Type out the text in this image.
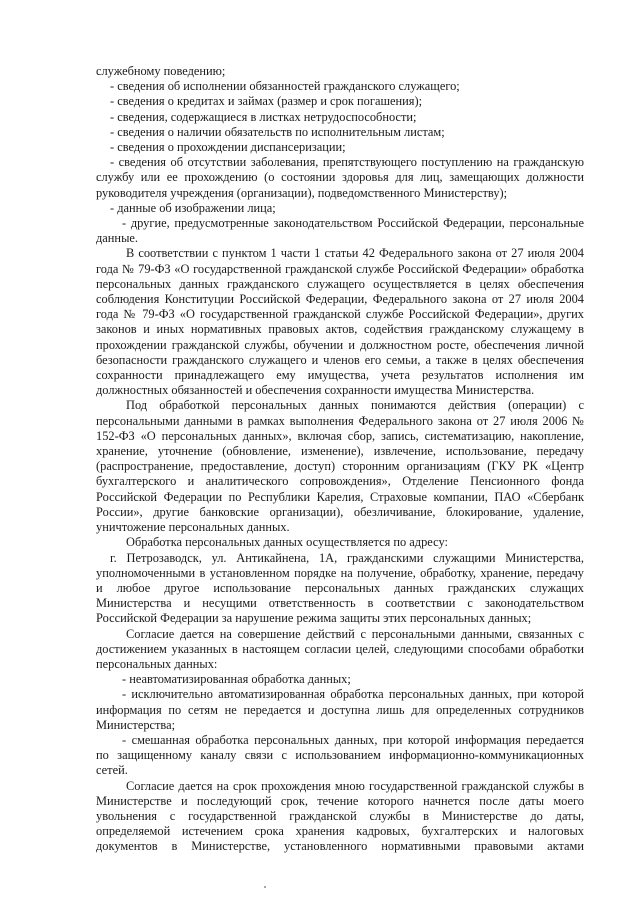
служебному поведению;
- сведения об исполнении обязанностей гражданского служащего;
- сведения о кредитах и займах (размер и срок погашения);
- сведения, содержащиеся в листках нетрудоспособности;
- сведения о наличии обязательств по исполнительным листам;
- сведения о прохождении диспансеризации;
- сведения об отсутствии заболевания, препятствующего поступлению на гражданскую
службу или ее прохождению (о состоянии здоровья для лиц, замещающих должности
руководителя учреждения (организации), подведомственного Министерству);
- данные об изображении лица;
- другие, предусмотренные законодательством Российской Федерации, персональные
данные.
В соответствии с пунктом 1 части 1 статьи 42 Федерального закона от 27 июля 2004
года № 79-ФЗ «О государственной гражданской службе Российской Федерации» обработка
персональных данных гражданского служащего осуществляется в целях обеспечения
соблюдения Конституции Российской Федерации, Федерального закона от 27 июля 2004
года № 79-ФЗ «О государственной гражданской службе Российской Федерации», других
законов и иных нормативных правовых актов, содействия гражданскому служащему в
прохождении гражданской службы, обучении и должностном росте, обеспечения личной
безопасности гражданского служащего и членов его семьи, а также в целях обеспечения
сохранности принадлежащего ему имущества, учета результатов исполнения им
должностных обязанностей и обеспечения сохранности имущества Министерства.
Под обработкой персональных данных понимаются действия (операции) с
персональными данными в рамках выполнения Федерального закона от 27 июля 2006 №
152-ФЗ «О персональных данных», включая сбор, запись, систематизацию, накопление,
хранение, уточнение (обновление, изменение), извлечение, использование, передачу
(распространение, предоставление, доступ) сторонним организациям (ГКУ РК «Центр
бухгалтерского и аналитического сопровождения», Отделение Пенсионного фонда
Российской Федерации по Республики Карелия, Страховые компании, ПАО «Сбербанк
России», другие банковские организации), обезличивание, блокирование, удаление,
уничтожение персональных данных.
Обработка персональных данных осуществляется по адресу:
г. Петрозаводск, ул. Антикайнена, 1А, гражданскими служащими Министерства,
уполномоченными в установленном порядке на получение, обработку, хранение, передачу
и любое другое использование персональных данных гражданских служащих
Министерства и несущими ответственность в соответствии с законодательством
Российской Федерации за нарушение режима защиты этих персональных данных;
Согласие дается на совершение действий с персональными данными, связанных с
достижением указанных в настоящем согласии целей, следующими способами обработки
персональных данных:
- неавтоматизированная обработка данных;
- исключительно автоматизированная обработка персональных данных, при которой
информация по сетям не передается и доступна лишь для определенных сотрудников
Министерства;
- смешанная обработка персональных данных, при которой информация передается
по защищенному каналу связи с использованием информационно-коммуникационных
сетей.
Согласие дается на срок прохождения мною государственной гражданской службы в
Министерстве и последующий срок, течение которого начнется после даты моего
увольнения с государственной гражданской службы в Министерстве до даты,
определяемой истечением срока хранения кадровых, бухгалтерских и налоговых
документов в Министерстве, установленного нормативными правовыми актами
